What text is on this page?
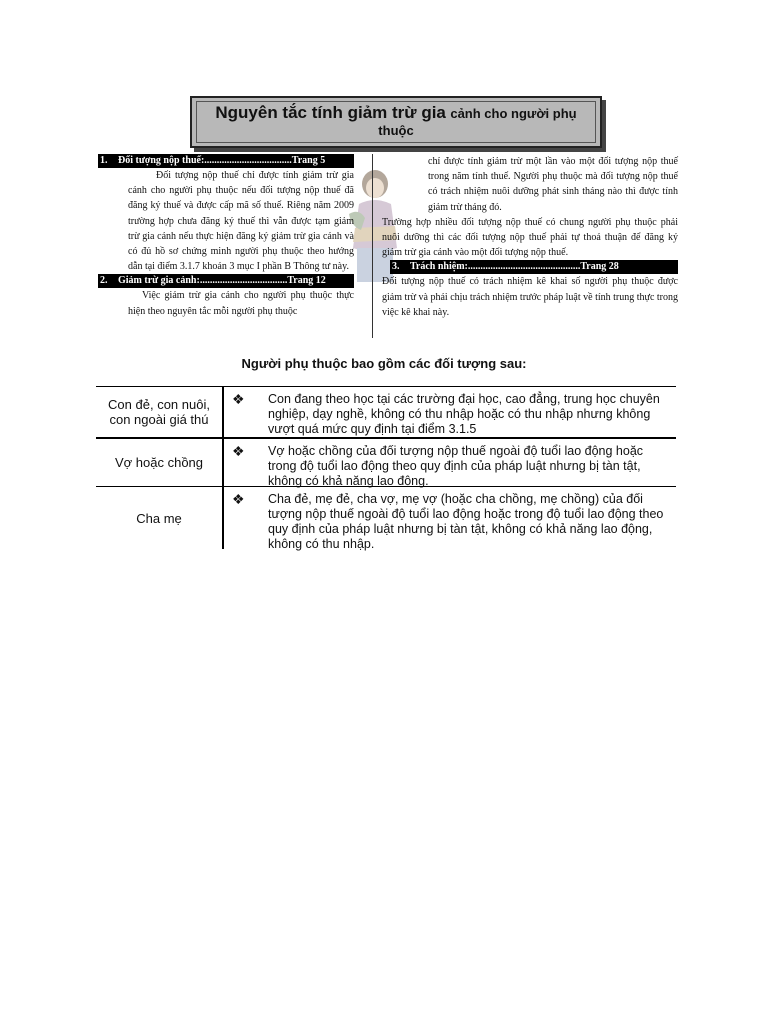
Nguyên tắc tính giảm trừ gia cảnh cho người phụ
thuộc
1. Đối tượng nộp thuế:...................................Trang 5

Đối tượng nộp thuế chỉ được tính giảm trừ gia cảnh cho người phụ thuộc nếu đối tượng nộp thuế đã đăng ký thuế và được cấp mã số thuế. Riêng năm 2009 trường hợp chưa đăng ký thuế thì vẫn được tạm giảm trừ gia cảnh nếu thực hiện đăng ký giảm trừ gia cảnh và có đủ hồ sơ chứng minh người phụ thuộc theo hướng dẫn tại điểm 3.1.7 khoản 3 mục I phần B Thông tư này.

2. Giảm trừ gia cảnh:...................................Trang 12

Việc giảm trừ gia cảnh cho người phụ thuộc thực hiện theo nguyên tắc mỗi người phụ thuộc

chỉ được tính giảm trừ một lần vào một đối tượng nộp thuế trong năm tính thuế. Người phụ thuộc mà đối tượng nộp thuế có trách nhiệm nuôi dưỡng phát sinh tháng nào thì được tính giảm trừ tháng đó.

Trường hợp nhiều đối tượng nộp thuế có chung người phụ thuộc phải nuôi dưỡng thì các đối tượng nộp thuế phải tự thoả thuận để đăng ký giảm trừ gia cảnh vào một đối tượng nộp thuế.

3. Trách nhiệm:.............................................Trang 28

Đối tượng nộp thuế có trách nhiệm kê khai số người phụ thuộc được giảm trừ và phải chịu trách nhiệm trước pháp luật về tính trung thực trong việc kê khai này.

Người phụ thuộc bao gồm các đối tượng sau:
Con đẻ, con nuôi, con ngoài giá thú
❖ Con đang theo học tại các trường đại học, cao đẳng, trung học chuyên nghiệp, dạy nghề, không có thu nhập hoặc có thu nhập nhưng không vượt quá mức quy định tại điểm 3.1.5
Vợ hoặc chồng
❖ Vợ hoặc chồng của đối tượng nộp thuế ngoài độ tuổi lao động hoặc trong độ tuổi lao động theo quy định của pháp luật nhưng bị tàn tật, không có khả năng lao động.
Cha mẹ
❖ Cha đẻ, mẹ đẻ, cha vợ, mẹ vợ (hoặc cha chồng, mẹ chồng) của đối tượng nộp thuế ngoài độ tuổi lao động hoặc trong độ tuổi lao động theo quy định của pháp luật nhưng bị tàn tật, không có khả năng lao động, không có thu nhập.
